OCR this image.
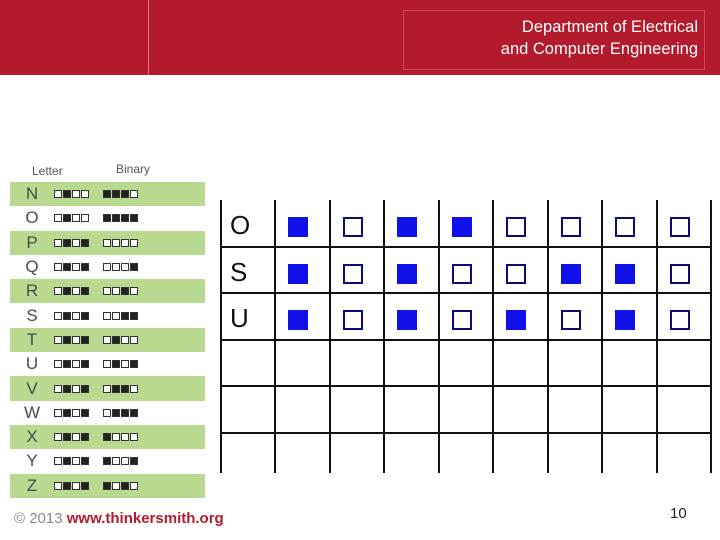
Department of Electrical
and Computer Engineering
Letter	Binary
N
O
P
Q
R
S
T
U
V
W
X
Y
Z
O
S
U
© 2013 www.thinkersmith.org	10
